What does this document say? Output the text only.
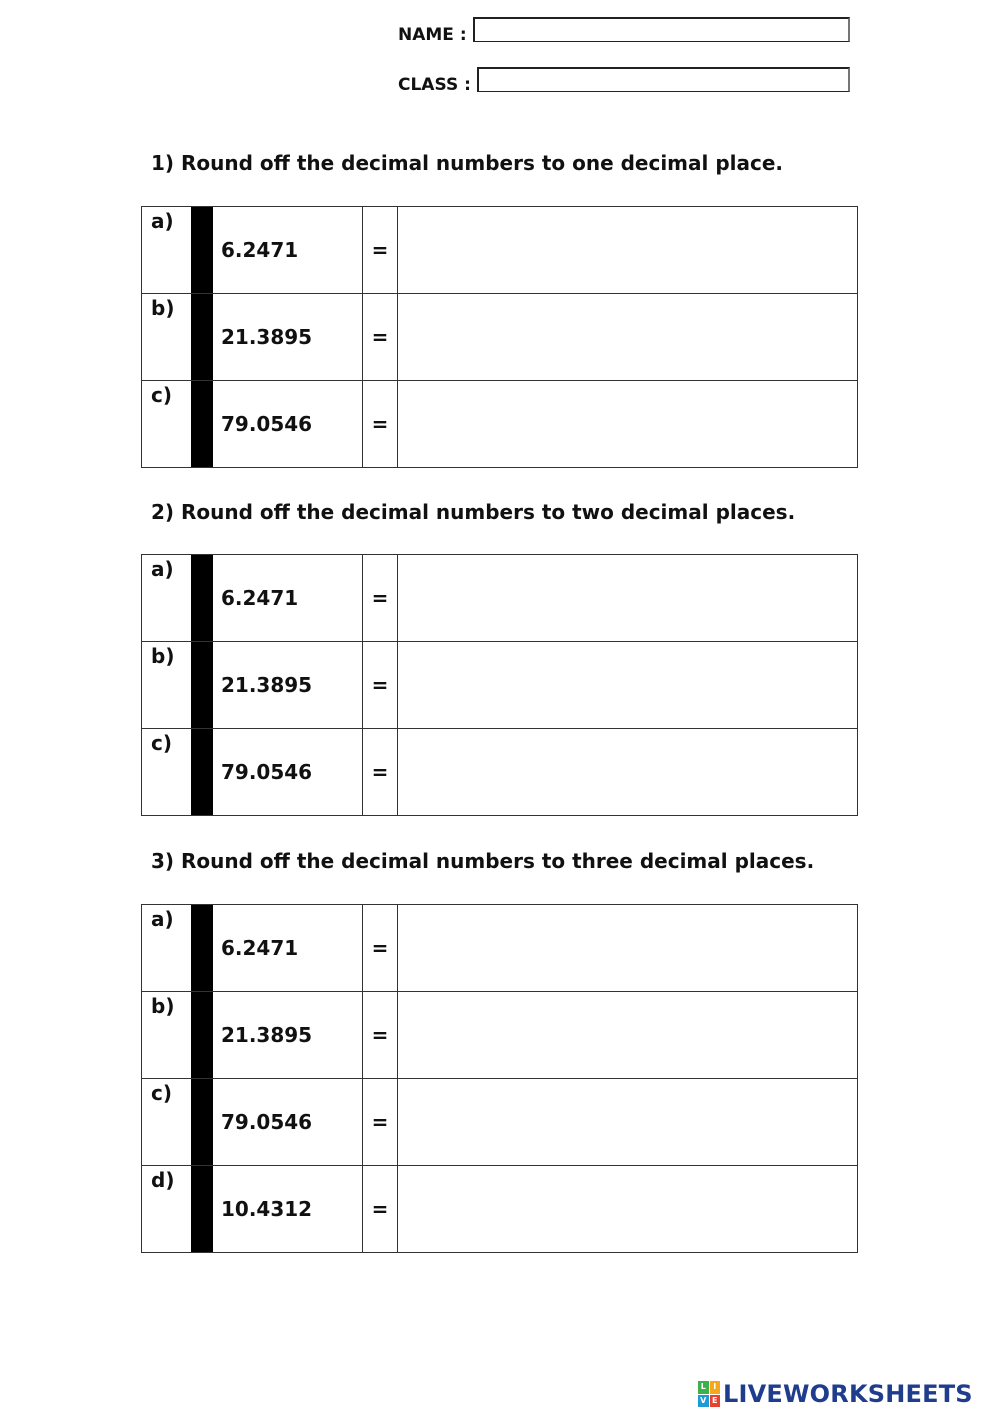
NAME :
CLASS :
1) Round off the decimal numbers to one decimal place.
a)
6.2471	=
b)
21.3895	=
c)
79.0546	=
2) Round off the decimal numbers to two decimal places.
a)
6.2471	=
b)
21.3895	=
c)
79.0546	=
3) Round off the decimal numbers to three decimal places.
a)
6.2471	=
b)
21.3895	=
c)
79.0546	=
d)
10.4312	=
L I
V E LIVEWORKSHEETS
